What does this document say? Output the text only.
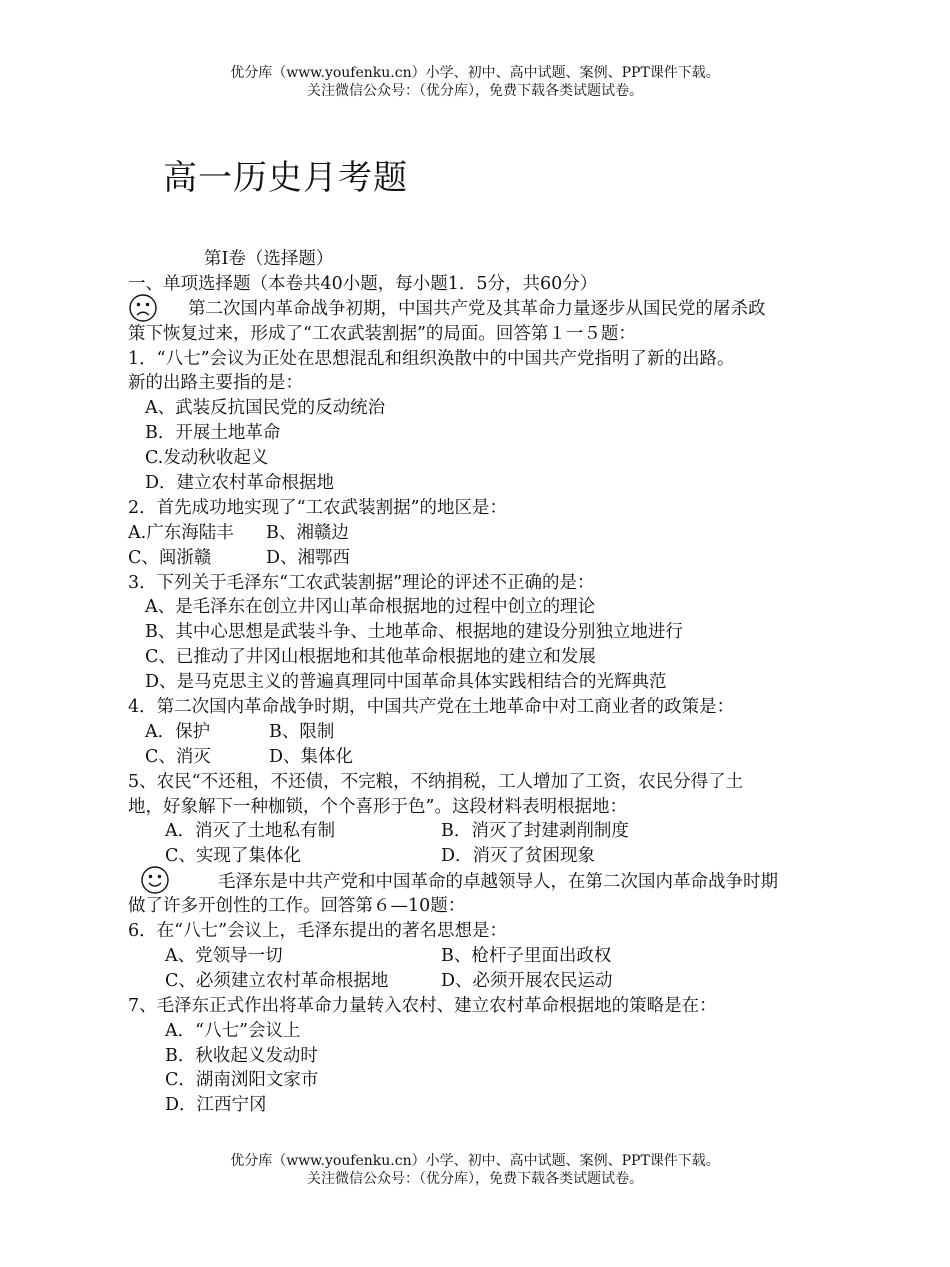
优分库（www.youfenku.cn）小学、初中、高中试题、案例、PPT课件下载。
关注微信公众号：（优分库），免费下载各类试题试卷。
高一历史月考题
第Ⅰ卷（选择题）
一、单项选择题（本卷共40小题，每小题1．5分，共60分）
第二次国内革命战争初期，中国共产党及其革命力量逐步从国民党的屠杀政
策下恢复过来，形成了“工农武装割据”的局面。回答第１一５题：
1．“八七”会议为正处在思想混乱和组织涣散中的中国共产党指明了新的出路。
新的出路主要指的是：
A、武装反抗国民党的反动统治
B．开展土地革命
C.发动秋收起义
D．建立农村革命根据地
2．首先成功地实现了“工农武装割据”的地区是：
A.广东海陆丰 B、湘赣边
C、闽浙赣	D、湘鄂西
3．下列关于毛泽东“工农武装割据”理论的评述不正确的是：
A、是毛泽东在创立井冈山革命根据地的过程中创立的理论
B、其中心思想是武装斗争、土地革命、根据地的建设分别独立地进行
C、已推动了井冈山根据地和其他革命根据地的建立和发展
D、是马克思主义的普遍真理同中国革命具体实践相结合的光辉典范
4．第二次国内革命战争时期，中国共产党在土地革命中对工商业者的政策是：
A．保护	B、限制
C、消灭	D、集体化
5、农民“不还租，不还债，不完粮，不纳捐税，工人增加了工资，农民分得了土
地，好象解下一种枷锁，个个喜形于色”。这段材料表明根据地：
A．消灭了土地私有制	B．消灭了封建剥削制度
C、实现了集体化	D．消灭了贫困现象
毛泽东是中共产党和中国革命的卓越领导人，在第二次国内革命战争时期
做了许多开创性的工作。回答第６—10题：
6．在“八七”会议上，毛泽东提出的著名思想是：
A、党领导一切	B、枪杆子里面出政权
C、必须建立农村革命根据地	D、必须开展农民运动
7、毛泽东正式作出将革命力量转入农村、建立农村革命根据地的策略是在：
A．“八七”会议上
B．秋收起义发动时
C．湖南浏阳文家市
D．江西宁冈
优分库（www.youfenku.cn）小学、初中、高中试题、案例、PPT课件下载。
关注微信公众号：（优分库），免费下载各类试题试卷。
